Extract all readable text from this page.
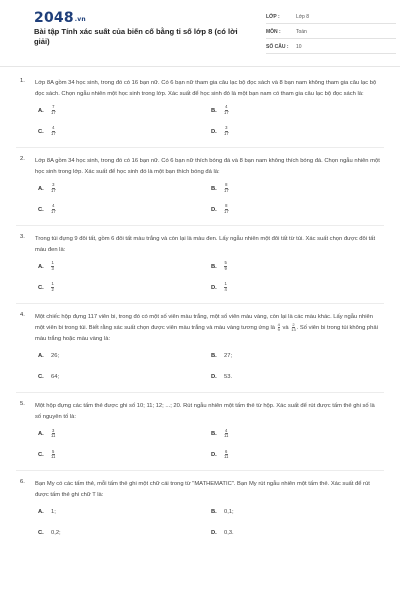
2048.vn
Bài tập Tính xác suất của biến cố bằng tỉ số lớp 8 (có lời giải)
LỚP :	Lớp 8
MÔN :	Toán
SỐ CÂU :	10
1. Lớp 8A gồm 34 học sinh, trong đó có 16 bạn nữ. Có 6 bạn nữ tham gia câu lạc bộ đọc sách và 8 bạn nam không tham gia câu lạc bộ đọc sách. Chọn ngẫu nhiên một học sinh trong lớp. Xác suất để học sinh đó là một bạn nam có tham gia câu lạc bộ đọc sách là:

A.	$\frac{7}{17}$	B.	$\frac{4}{17}$
C.	$\frac{4}{17}$	D.	$\frac{3}{17}$
2. Lớp 8A gồm 34 học sinh, trong đó có 16 bạn nữ. Có 6 bạn nữ thích bóng đá và 8 bạn nam không thích bóng đá. Chọn ngẫu nhiên một học sinh trong lớp. Xác suất để học sinh đó là một bạn thích bóng đá là:

A.	$\frac{3}{17}$	B.	$\frac{8}{17}$
C.	$\frac{4}{17}$	D.	$\frac{8}{17}$
3. Trong túi đựng 9 đôi tất, gồm 6 đôi tất màu trắng và còn lại là màu đen. Lấy ngẫu nhiên một đôi tất từ túi. Xác suất chọn được đôi tất màu đen là:

A.	$\frac{1}{3}$	B.	$\frac{5}{9}$
C.	$\frac{1}{2}$	D.	$\frac{1}{4}$
4. Một chiếc hộp đựng 117 viên bi, trong đó có một số viên màu trắng, một số viên màu vàng, còn lại là các màu khác. Lấy ngẫu nhiên một viên bi trong túi. Biết rằng xác suất chọn được viên màu trắng và màu vàng tương ứng là $\frac{4}{9}$ và $\frac{2}{13}$ . Số viên bi trong túi không phải màu trắng hoặc màu vàng là:

A.	26;	B.	27;
C.	64;	D.	53.
5. Một hộp đựng các tấm thẻ được ghi số 10; 11; 12; ...; 20. Rút ngẫu nhiên một tấm thẻ từ hộp. Xác suất để rút được tấm thẻ ghi số là số nguyên tố là:

A.	$\frac{3}{11}$	B.	$\frac{4}{11}$
C.	$\frac{5}{11}$	D.	$\frac{6}{11}$
6. Bạn My có các tấm thẻ, mỗi tấm thẻ ghi một chữ cái trong từ "MATHEMATIC". Bạn My rút ngẫu nhiên một tấm thẻ. Xác suất để rút được tấm thẻ ghi chữ T là:

A.	1;	B.	0,1;
C.	0,2;	D.	0,3.
